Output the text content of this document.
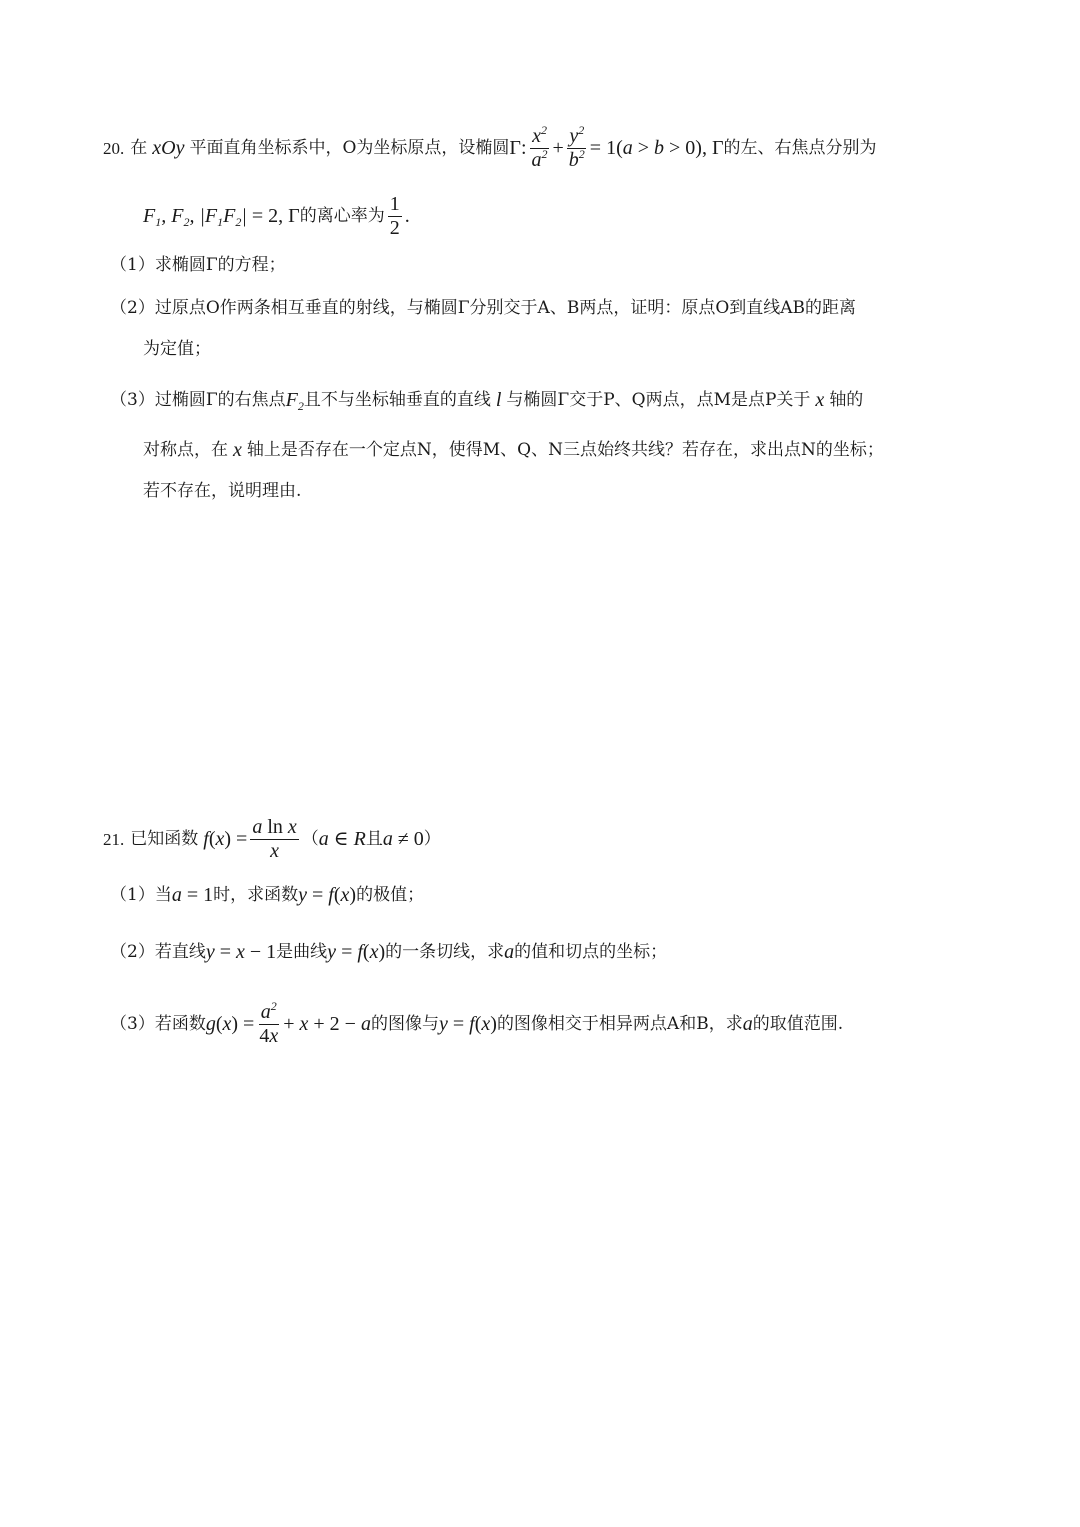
20. 在 xOy 平面直角坐标系中，O为坐标原点，设椭圆 Γ: $\frac{x^2}{a^2} + \frac{y^2}{b^2} = 1(a > b > 0)$, Γ 的左、右焦点分别为
$F_1$, $F_2$, $|F_1F_2| = 2$, Γ 的离心率为 $\frac{1}{2}$ .
（1）求椭圆Γ的方程；
（2）过原点O作两条相互垂直的射线，与椭圆Γ分别交于A、B两点，证明：原点O到直线AB的距离
为定值；
（3）过椭圆Γ的右焦点 $F_2$ 且不与坐标轴垂直的直线 l 与椭圆Γ交于P、Q两点，点M是点P关于 x 轴的
对称点，在 x 轴上是否存在一个定点N，使得M、Q、N三点始终共线？若存在，求出点N的坐标；
若不存在，说明理由.
21. 已知函数 $f(x) = \frac{\text{a ln x}}{x}$ （ a ∈ R 且 a ≠ 0 ）
（1）当 a = 1 时，求函数 y = f(x) 的极值；
（2）若直线 y = x − 1 是曲线 y = f(x) 的一条切线，求 a 的值和切点的坐标；
（3）若函数 $g(x) = \frac{a^2}{4x} + x + 2 - a$ 的图像与 y = f(x) 的图像相交于相异两点A和B，求 a 的取值范围.
